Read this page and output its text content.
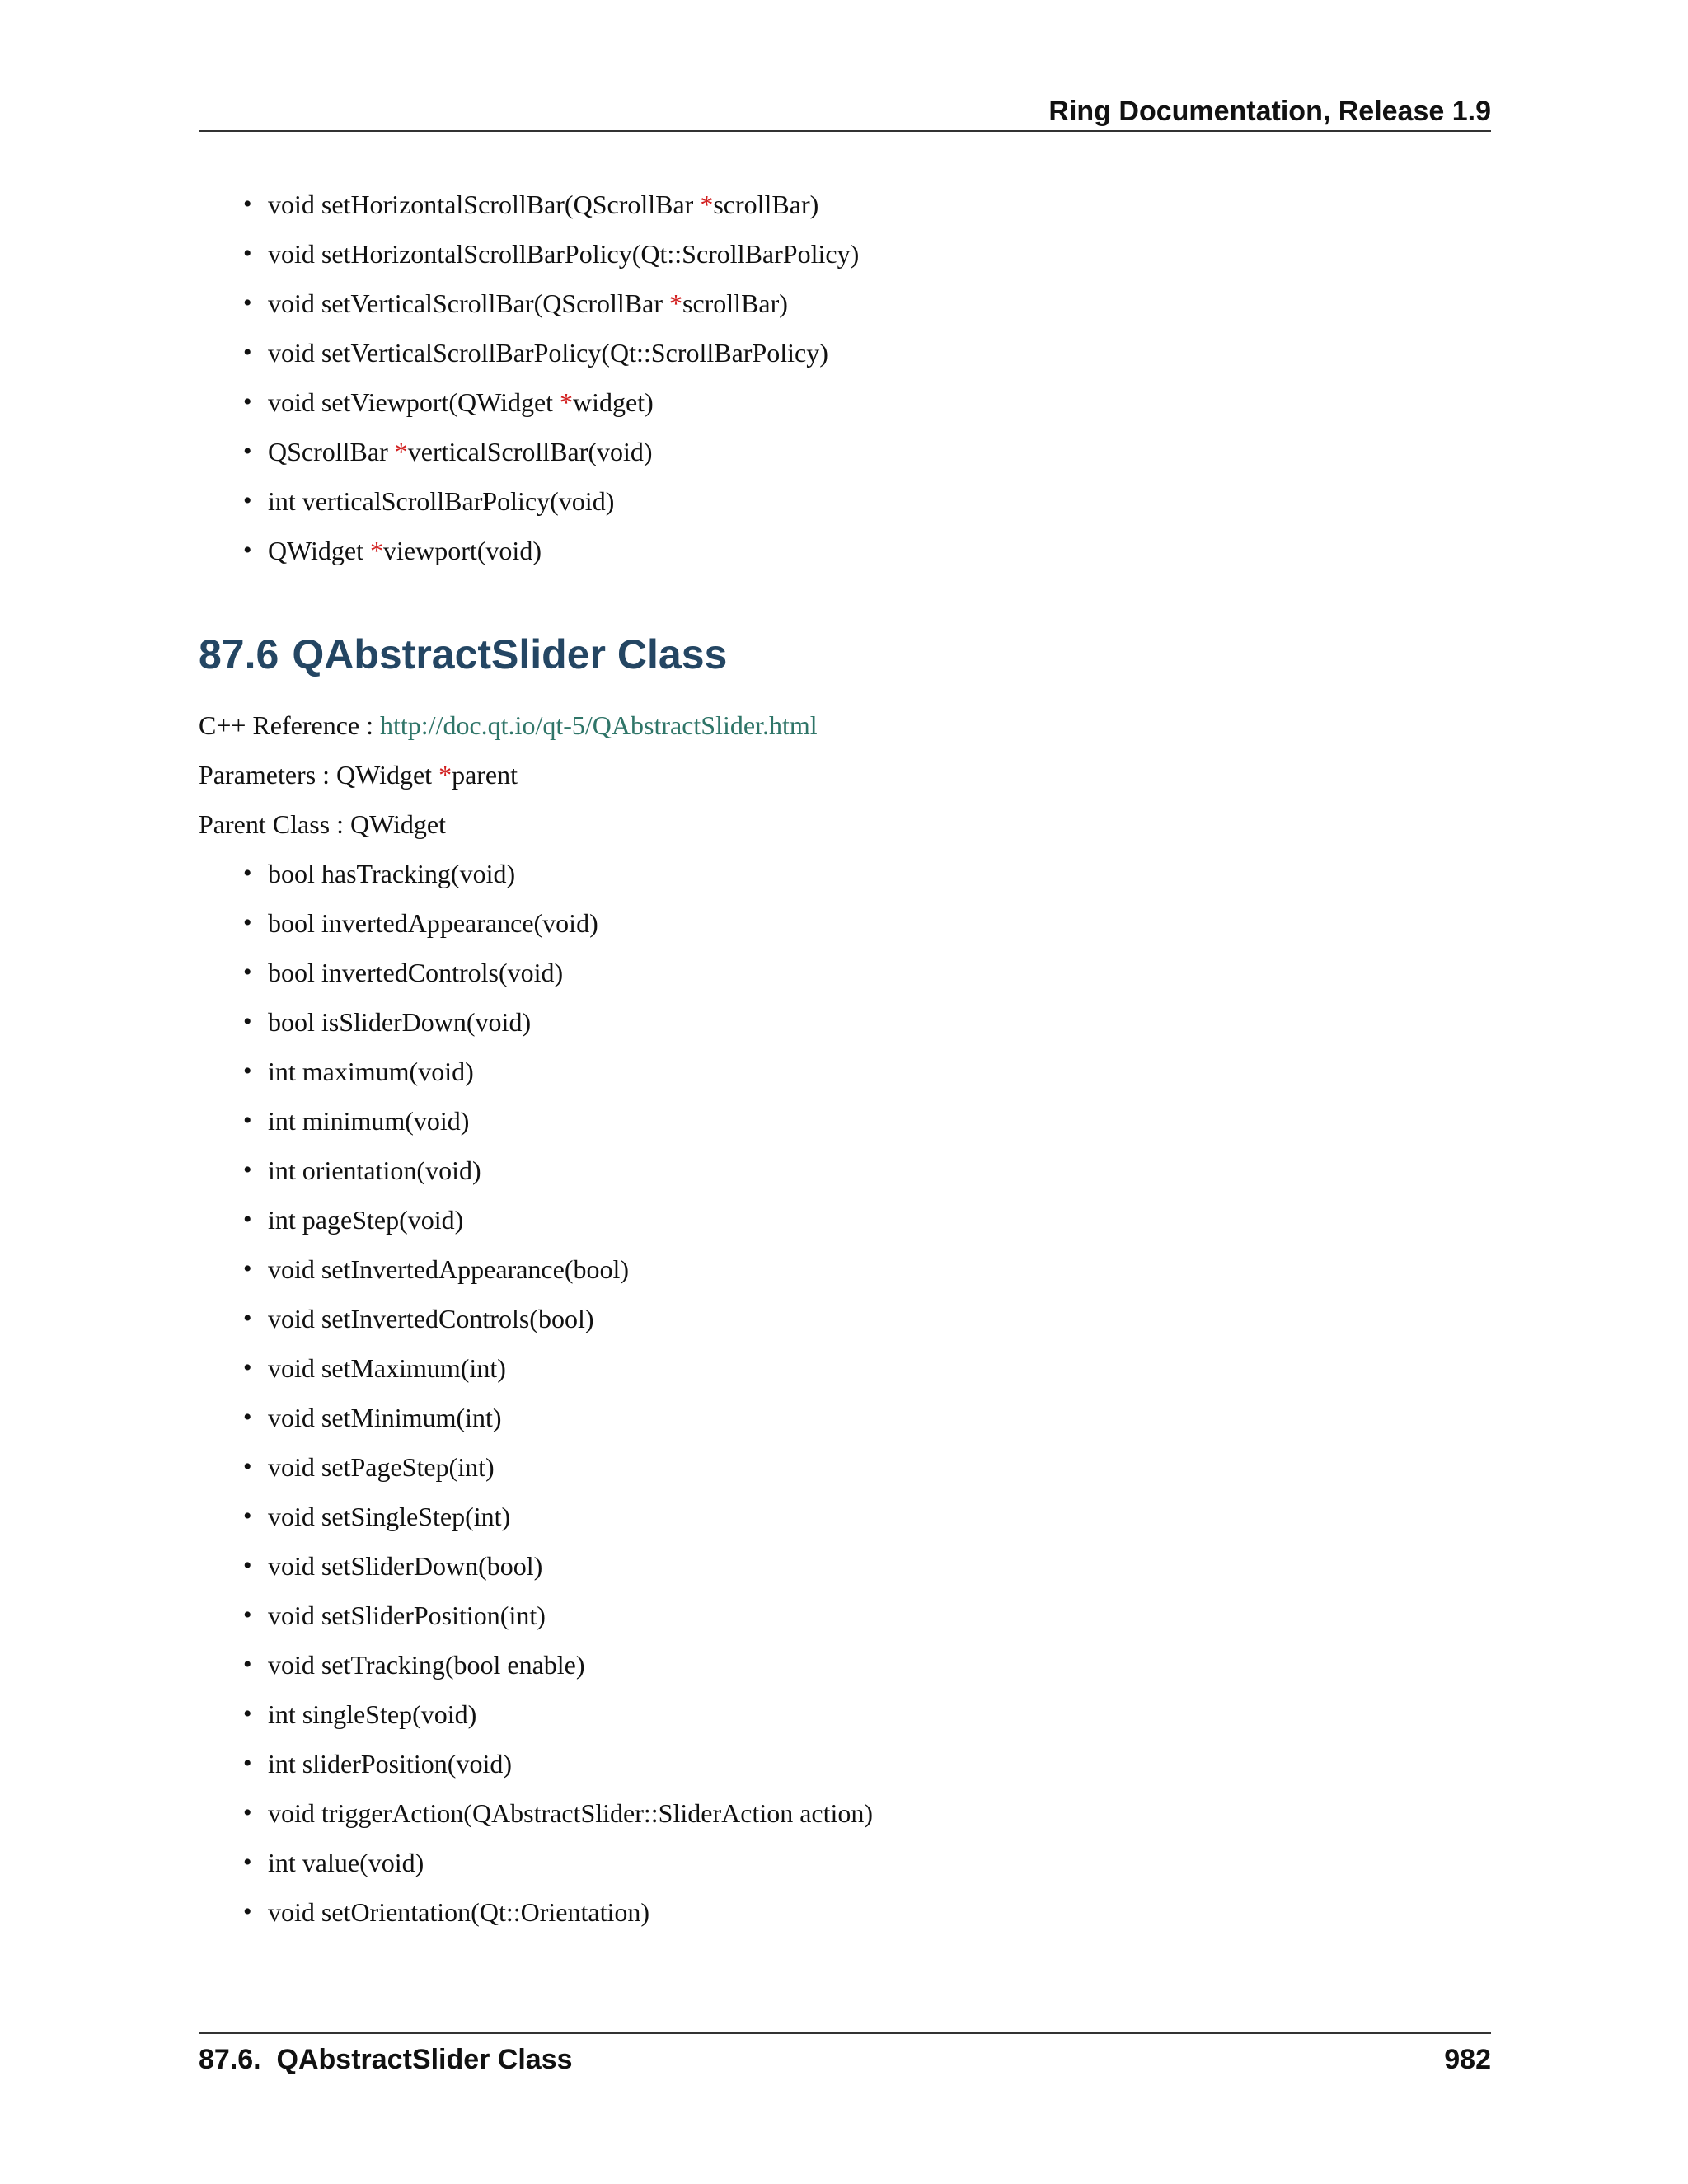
Ring Documentation, Release 1.9
• void setHorizontalScrollBar(QScrollBar *scrollBar)
• void setHorizontalScrollBarPolicy(Qt::ScrollBarPolicy)
• void setVerticalScrollBar(QScrollBar *scrollBar)
• void setVerticalScrollBarPolicy(Qt::ScrollBarPolicy)
• void setViewport(QWidget *widget)
• QScrollBar *verticalScrollBar(void)
• int verticalScrollBarPolicy(void)
• QWidget *viewport(void)
87.6 QAbstractSlider Class
C++ Reference : http://doc.qt.io/qt-5/QAbstractSlider.html
Parameters : QWidget *parent
Parent Class : QWidget
• bool hasTracking(void)
• bool invertedAppearance(void)
• bool invertedControls(void)
• bool isSliderDown(void)
• int maximum(void)
• int minimum(void)
• int orientation(void)
• int pageStep(void)
• void setInvertedAppearance(bool)
• void setInvertedControls(bool)
• void setMaximum(int)
• void setMinimum(int)
• void setPageStep(int)
• void setSingleStep(int)
• void setSliderDown(bool)
• void setSliderPosition(int)
• void setTracking(bool enable)
• int singleStep(void)
• int sliderPosition(void)
• void triggerAction(QAbstractSlider::SliderAction action)
• int value(void)
• void setOrientation(Qt::Orientation)
87.6.  QAbstractSlider Class	982
